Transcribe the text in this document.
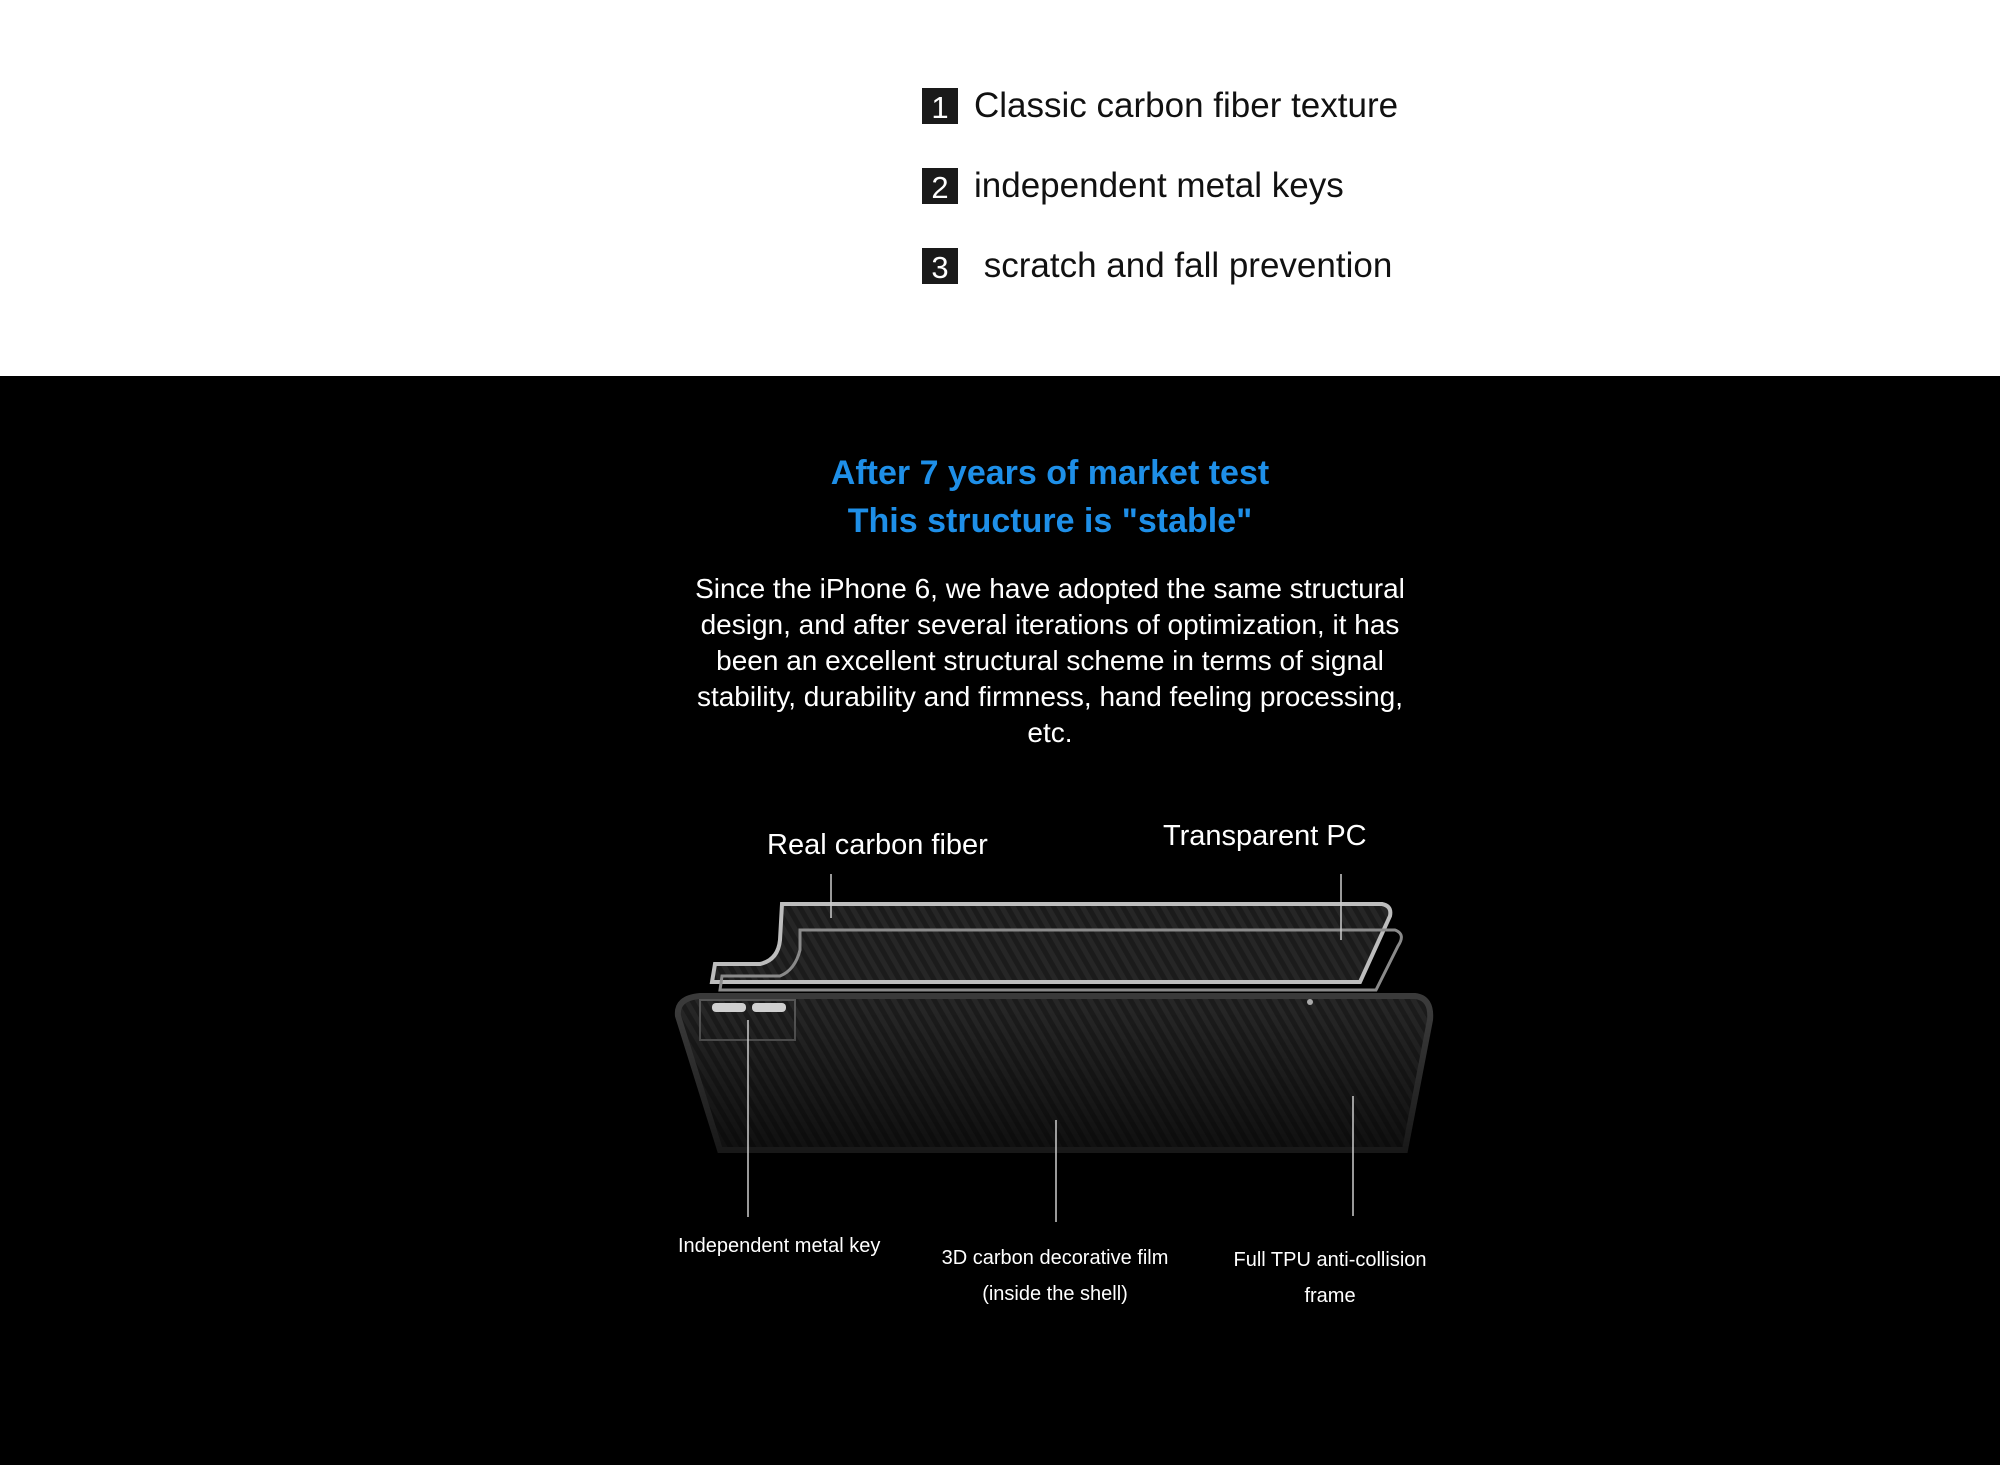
1 Classic carbon fiber texture
2 independent metal keys
3 scratch and fall prevention
After 7 years of market test
This structure is "stable"
Since the iPhone 6, we have adopted the same structural design, and after several iterations of optimization, it has been an excellent structural scheme in terms of signal stability, durability and firmness, hand feeling processing, etc.
Real carbon fiber	Transparent PC
Independent metal key
3D carbon decorative film
(inside the shell)
Full TPU anti-collision
frame
